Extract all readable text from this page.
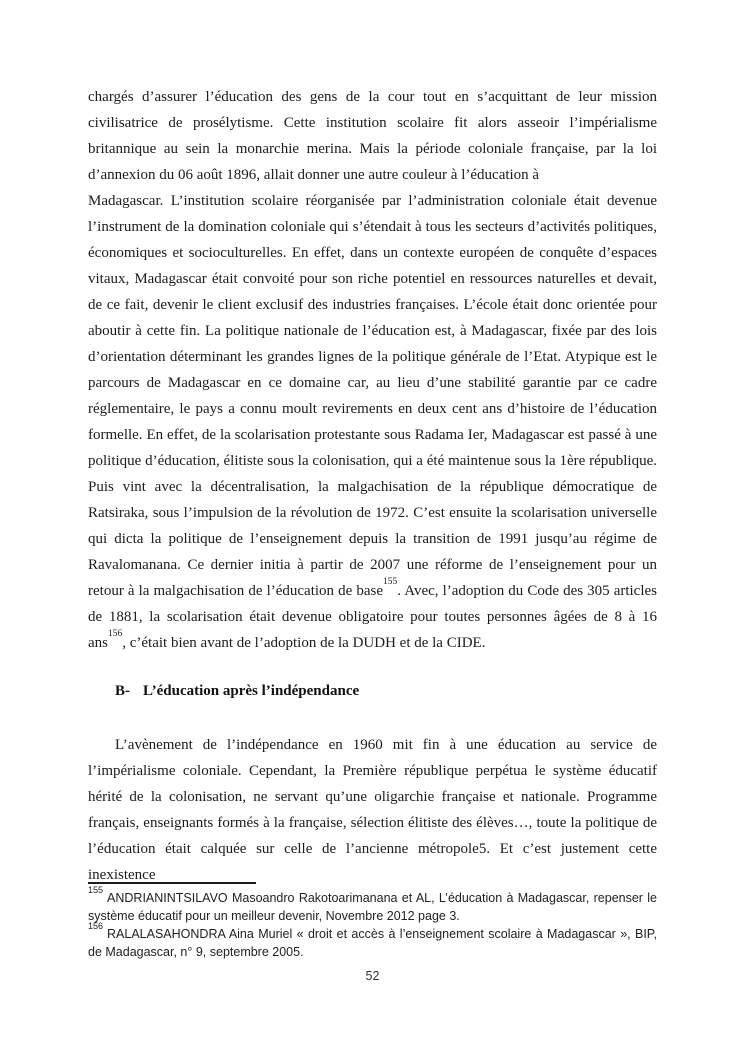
chargés d’assurer l’éducation des gens de la cour tout en s’acquittant de leur mission civilisatrice de prosélytisme. Cette institution scolaire fit alors asseoir l’impérialisme britannique au sein la monarchie merina. Mais la période coloniale française, par la loi d’annexion du 06 août 1896, allait donner une autre couleur à l’éducation à

Madagascar. L’institution scolaire réorganisée par l’administration coloniale était devenue l’instrument de la domination coloniale qui s’étendait à tous les secteurs d’activités politiques, économiques et socioculturelles. En effet, dans un contexte européen de conquête d’espaces vitaux, Madagascar était convoité pour son riche potentiel en ressources naturelles et devait, de ce fait, devenir le client exclusif des industries françaises. L’école était donc orientée pour aboutir à cette fin. La politique nationale de l’éducation est, à Madagascar, fixée par des lois d’orientation déterminant les grandes lignes de la politique générale de l’Etat. Atypique est le parcours de Madagascar en ce domaine car, au lieu d’une stabilité garantie par ce cadre réglementaire, le pays a connu moult revirements en deux cent ans d’histoire de l’éducation formelle. En effet, de la scolarisation protestante sous Radama Ier, Madagascar est passé à une politique d’éducation, élitiste sous la colonisation, qui a été maintenue sous la 1ère république. Puis vint avec la décentralisation, la malgachisation de la république démocratique de Ratsiraka, sous l’impulsion de la révolution de 1972. C’est ensuite la scolarisation universelle qui dicta la politique de l’enseignement depuis la transition de 1991 jusqu’au régime de Ravalomanana. Ce dernier initia à partir de 2007 une réforme de l’enseignement pour un retour à la malgachisation de l’éducation de base$^{155}$. Avec, l’adoption du Code des 305 articles de 1881, la scolarisation était devenue obligatoire pour toutes personnes âgées de 8 à 16 ans$^{156}$, c’était bien avant de l’adoption de la DUDH et de la CIDE.

B- L’éducation après l’indépendance

L’avènement de l’indépendance en 1960 mit fin à une éducation au service de l’impérialisme coloniale. Cependant, la Première république perpétua le système éducatif hérité de la colonisation, ne servant qu’une oligarchie française et nationale. Programme français, enseignants formés à la française, sélection élitiste des élèves…, toute la politique de l’éducation était calquée sur celle de l’ancienne métropole5. Et c’est justement cette inexistence

$^{155}$ANDRIANINTSILAVO Masoandro Rakotoarimanana et AL, L’éducation à Madagascar, repenser le système éducatif pour un meilleur devenir, Novembre 2012 page 3.

$^{156}$RALALASAHONDRA Aina Muriel « droit et accès à l’enseignement scolaire à Madagascar », BIP, de Madagascar, n° 9, septembre 2005.

52
